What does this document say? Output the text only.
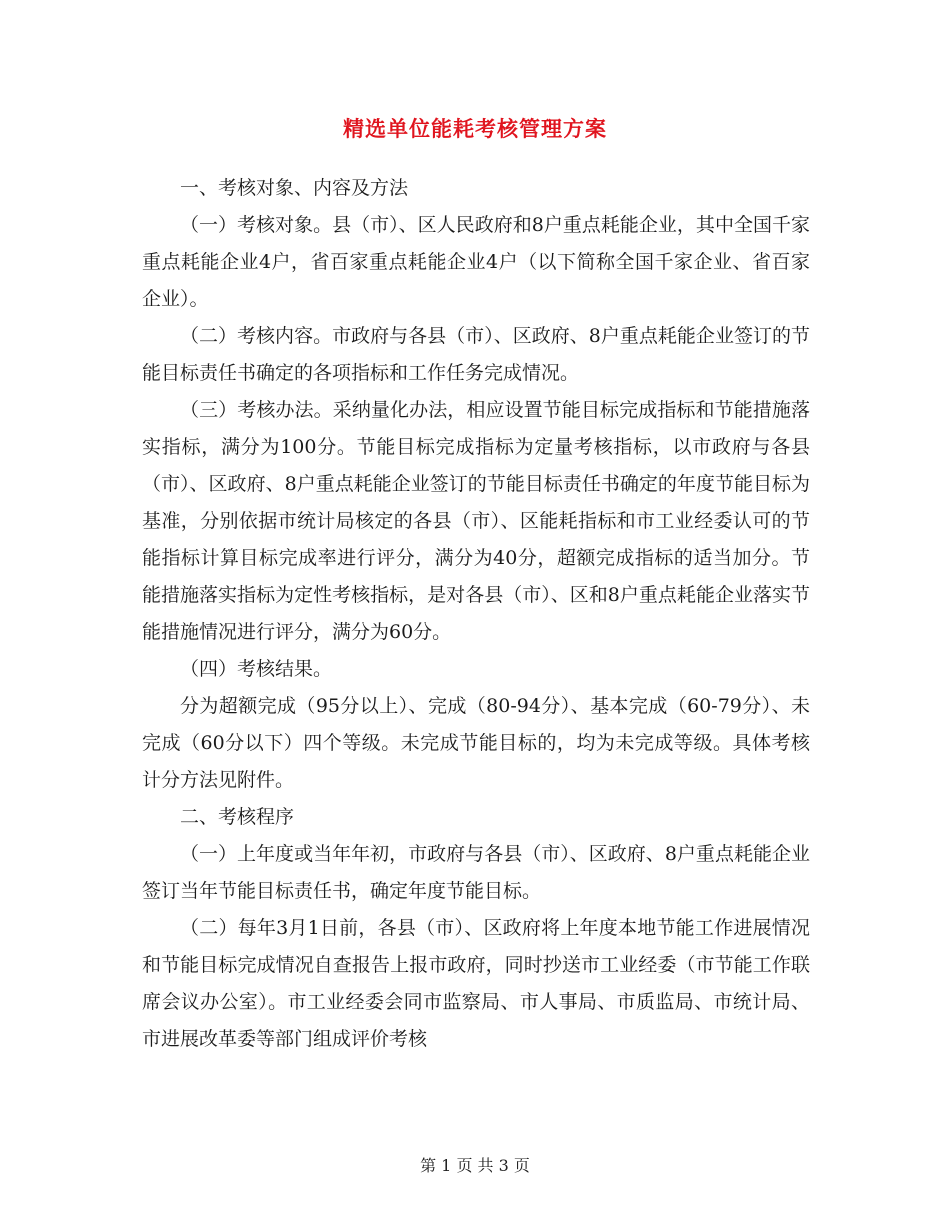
精选单位能耗考核管理方案

一、考核对象、内容及方法

（一）考核对象。县（市）、区人民政府和8户重点耗能企业，其中全国千家重点耗能企业4户，省百家重点耗能企业4户（以下简称全国千家企业、省百家企业）。

（二）考核内容。市政府与各县（市）、区政府、8户重点耗能企业签订的节能目标责任书确定的各项指标和工作任务完成情况。

（三）考核办法。采纳量化办法，相应设置节能目标完成指标和节能措施落实指标，满分为100分。节能目标完成指标为定量考核指标，以市政府与各县（市）、区政府、8户重点耗能企业签订的节能目标责任书确定的年度节能目标为基准，分别依据市统计局核定的各县（市）、区能耗指标和市工业经委认可的节能指标计算目标完成率进行评分，满分为40分，超额完成指标的适当加分。节能措施落实指标为定性考核指标，是对各县（市）、区和8户重点耗能企业落实节能措施情况进行评分，满分为60分。

（四）考核结果。

分为超额完成（95分以上）、完成（80-94分）、基本完成（60-79分）、未完成（60分以下）四个等级。未完成节能目标的，均为未完成等级。具体考核计分方法见附件。

二、考核程序

（一）上年度或当年年初，市政府与各县（市）、区政府、8户重点耗能企业签订当年节能目标责任书，确定年度节能目标。

（二）每年3月1日前，各县（市）、区政府将上年度本地节能工作进展情况和节能目标完成情况自查报告上报市政府，同时抄送市工业经委（市节能工作联席会议办公室）。市工业经委会同市监察局、市人事局、市质监局、市统计局、市进展改革委等部门组成评价考核

第 1 页 共 3 页
